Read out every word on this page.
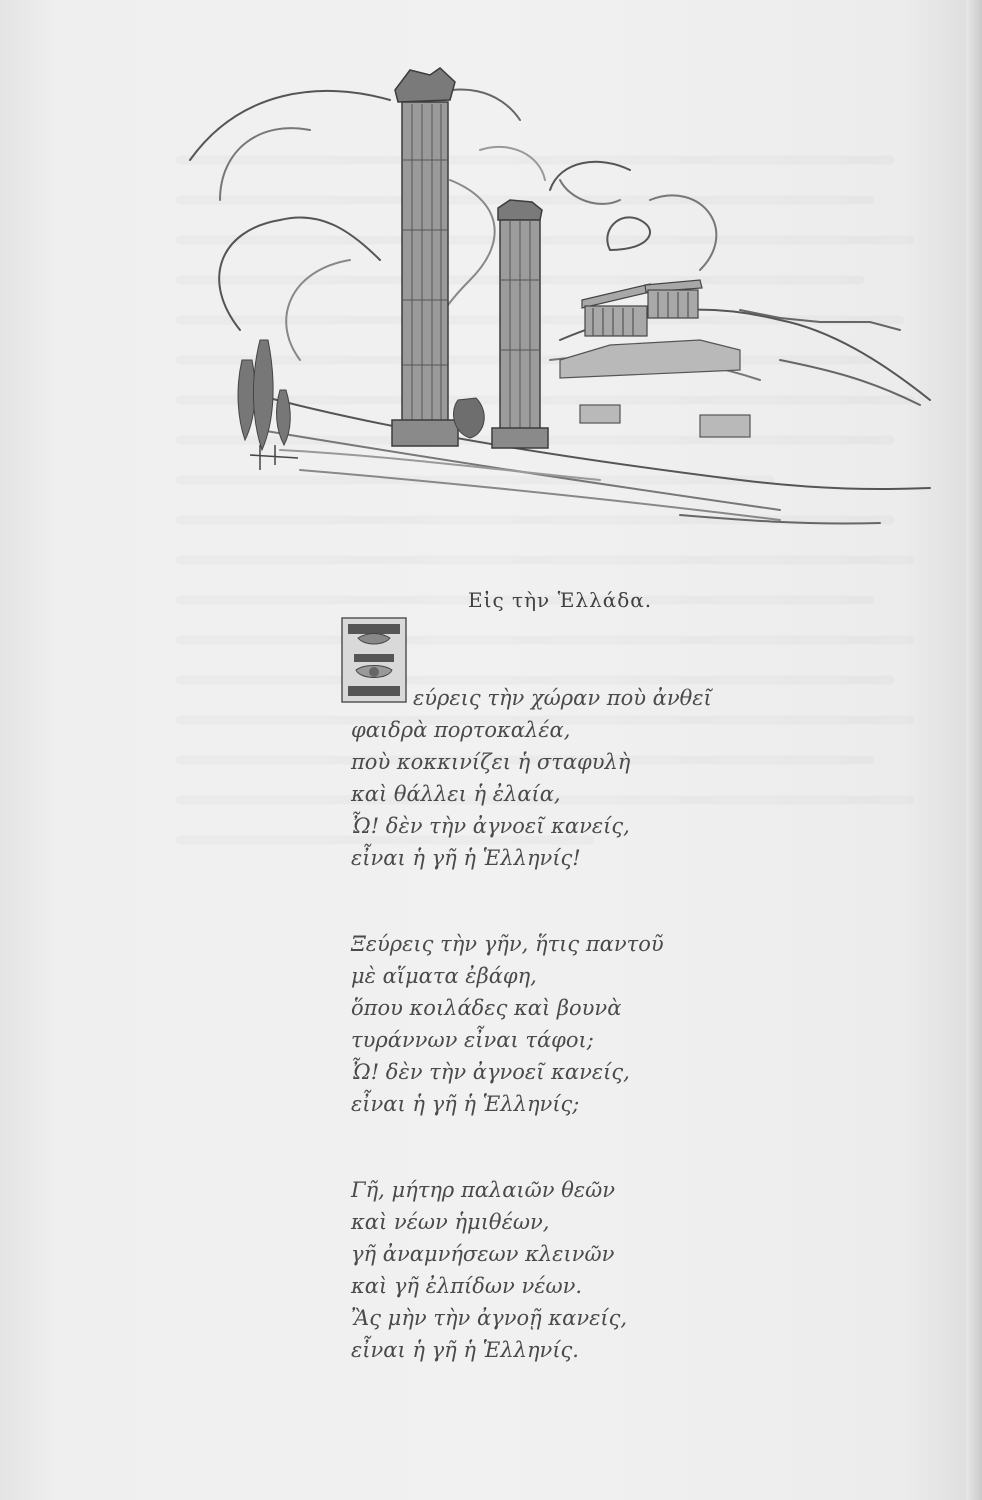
Εἰς τὴν Ἑλλάδα.
εύρεις τὴν χώραν ποὺ ἀνθεῖ
φαιδρὰ πορτοκαλέα,
ποὺ κοκκινίζει ἡ σταφυλὴ
καὶ θάλλει ἡ ἐλαία,
Ὦ! δὲν τὴν ἀγνοεῖ κανείς,
εἶναι ἡ γῆ ἡ Ἑλληνίς!
Ξεύρεις τὴν γῆν, ἥτις παντοῦ
μὲ αἵματα ἐβάφη,
ὅπου κοιλάδες καὶ βουνὰ
τυράννων εἶναι τάφοι;
Ὦ! δὲν τὴν ἀγνοεῖ κανείς,
εἶναι ἡ γῆ ἡ Ἑλληνίς;
Γῆ, μήτηρ παλαιῶν θεῶν
καὶ νέων ἡμιθέων,
γῆ ἀναμνήσεων κλεινῶν
καὶ γῆ ἐλπίδων νέων.
Ἂς μὴν τὴν ἀγνοῇ κανείς,
εἶναι ἡ γῆ ἡ Ἑλληνίς.
